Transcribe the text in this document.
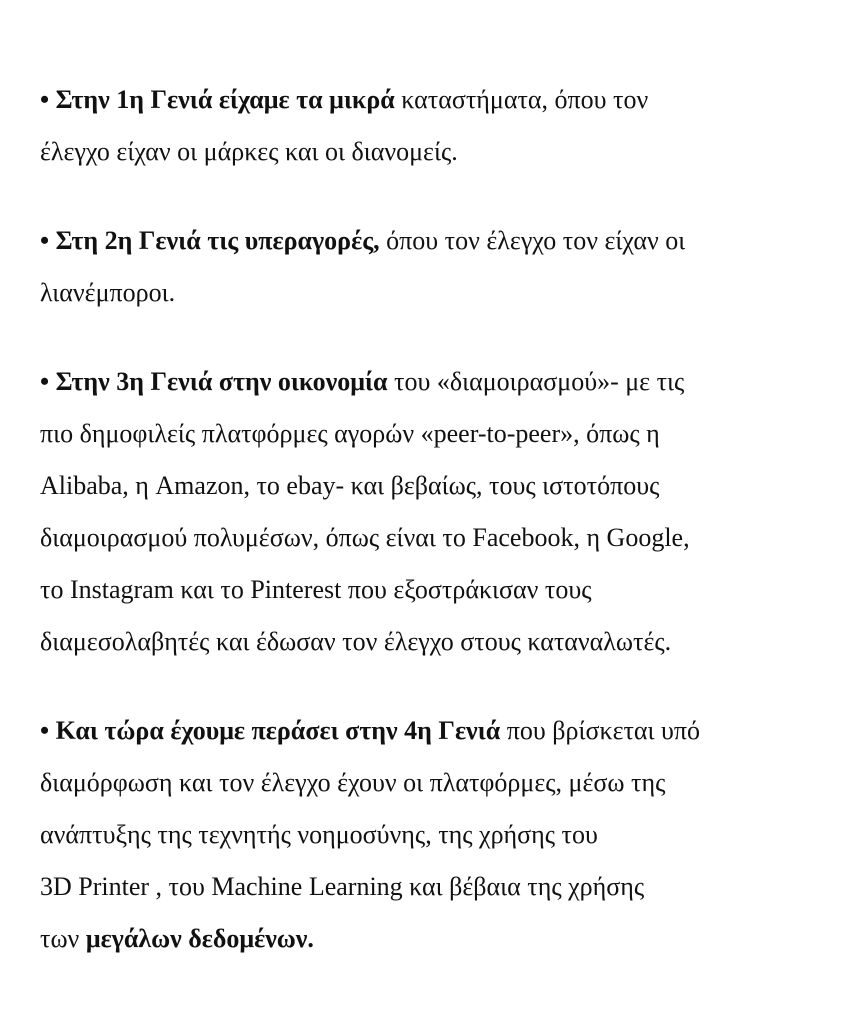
• Στην 1η Γενιά είχαμε τα μικρά καταστήματα, όπου τον
έλεγχο είχαν οι μάρκες και οι διανομείς.

• Στη 2η Γενιά τις υπεραγορές, όπου τον έλεγχο τον είχαν οι
λιανέμποροι.

• Στην 3η Γενιά στην οικονομία του «διαμοιρασμού»- με τις
πιο δημοφιλείς πλατφόρμες αγορών «peer-to-peer», όπως η
Alibaba, η Amazon, το ebay- και βεβαίως, τους ιστοτόπους
διαμοιρασμού πολυμέσων, όπως είναι το Facebook, η Google,
το Instagram και το Pinterest που εξοστράκισαν τους
διαμεσολαβητές και έδωσαν τον έλεγχο στους καταναλωτές.

• Και τώρα έχουμε περάσει στην 4η Γενιά που βρίσκεται υπό
διαμόρφωση και τον έλεγχο έχουν οι πλατφόρμες, μέσω της
ανάπτυξης της τεχνητής νοημοσύνης, της χρήσης του
3D Printer , του Machine Learning και βέβαια της χρήσης
των μεγάλων δεδομένων.
